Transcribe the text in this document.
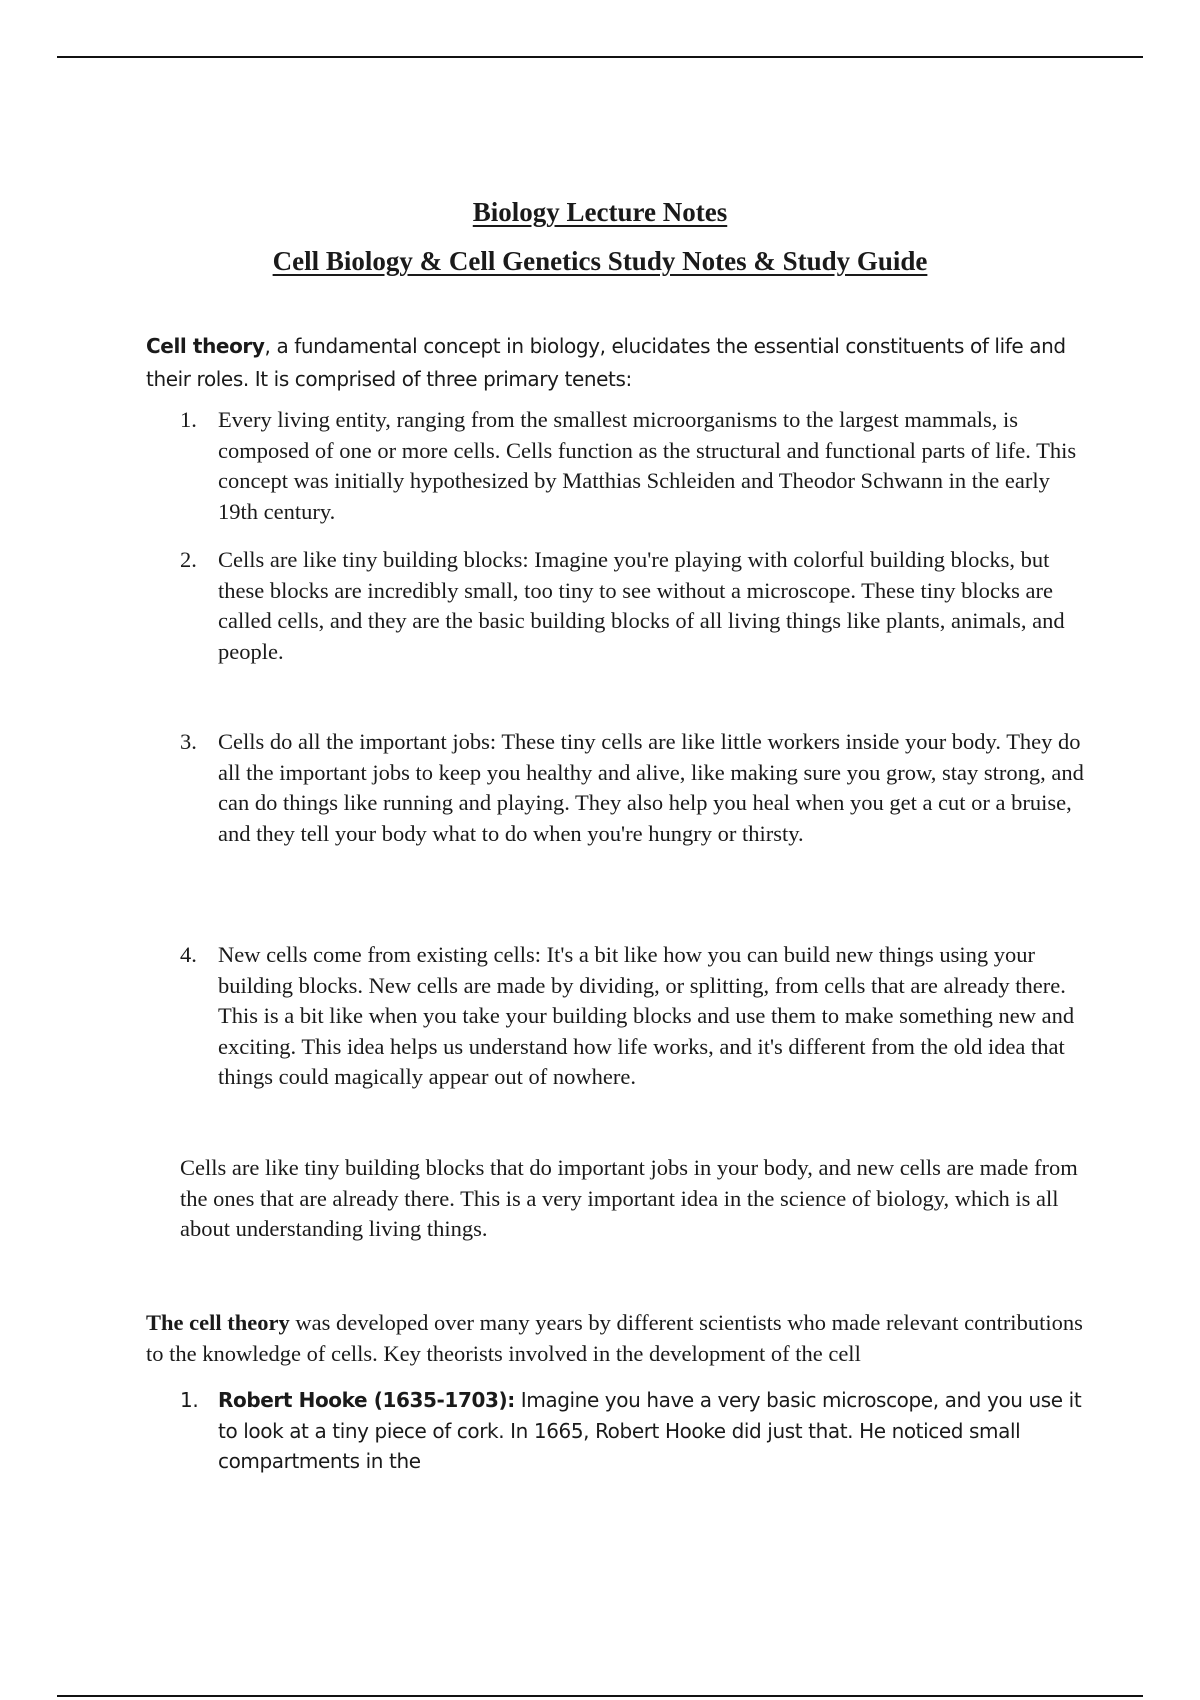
Biology Lecture Notes

Cell Biology & Cell Genetics Study Notes & Study Guide

Cell theory, a fundamental concept in biology, elucidates the essential constituents of life and their roles. It is comprised of three primary tenets:

1. Every living entity, ranging from the smallest microorganisms to the largest mammals, is composed of one or more cells. Cells function as the structural and functional parts of life. This concept was initially hypothesized by Matthias Schleiden and Theodor Schwann in the early 19th century.
2. Cells are like tiny building blocks: Imagine you're playing with colorful building blocks, but these blocks are incredibly small, too tiny to see without a microscope. These tiny blocks are called cells, and they are the basic building blocks of all living things like plants, animals, and people.
3. Cells do all the important jobs: These tiny cells are like little workers inside your body. They do all the important jobs to keep you healthy and alive, like making sure you grow, stay strong, and can do things like running and playing. They also help you heal when you get a cut or a bruise, and they tell your body what to do when you're hungry or thirsty.
4. New cells come from existing cells: It's a bit like how you can build new things using your building blocks. New cells are made by dividing, or splitting, from cells that are already there. This is a bit like when you take your building blocks and use them to make something new and exciting. This idea helps us understand how life works, and it's different from the old idea that things could magically appear out of nowhere.

Cells are like tiny building blocks that do important jobs in your body, and new cells are made from the ones that are already there. This is a very important idea in the science of biology, which is all about understanding living things.

The cell theory was developed over many years by different scientists who made relevant contributions to the knowledge of cells. Key theorists involved in the development of the cell

1. Robert Hooke (1635-1703): Imagine you have a very basic microscope, and you use it to look at a tiny piece of cork. In 1665, Robert Hooke did just that. He noticed small compartments in the
